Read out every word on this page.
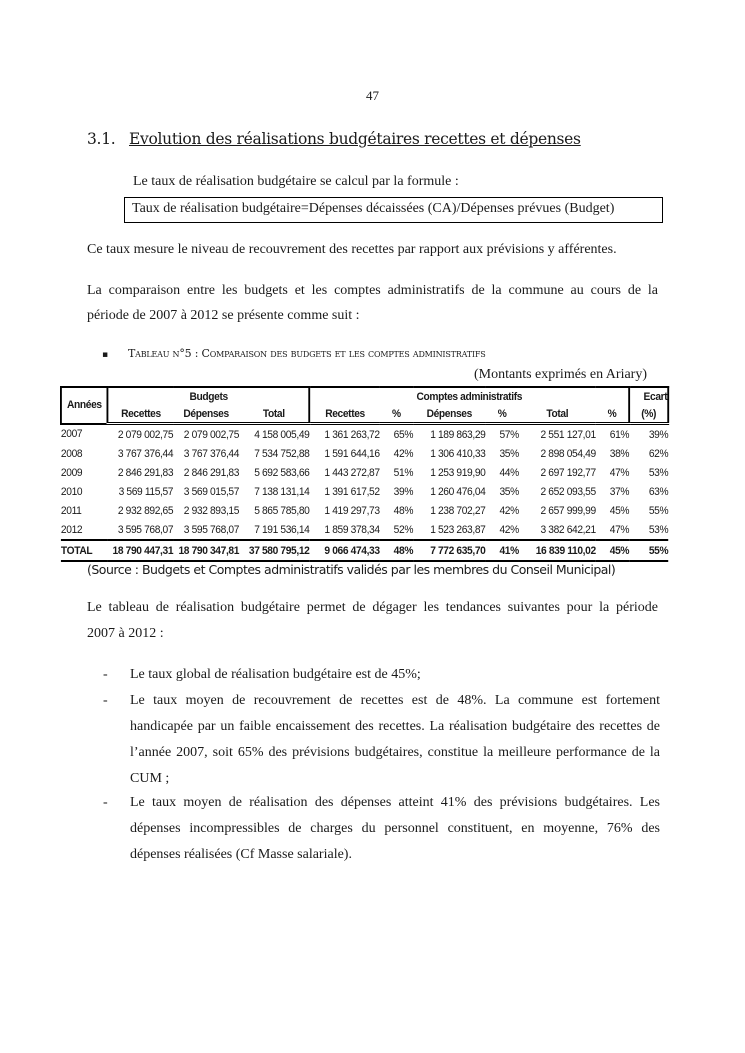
47
3.1. Evolution des réalisations budgétaires recettes et dépenses
Le taux de réalisation budgétaire se calcul par la formule :
Taux de réalisation budgétaire=Dépenses décaissées (CA)/Dépenses prévues (Budget)
Ce taux mesure le niveau de recouvrement des recettes par rapport aux prévisions y afférentes.
La comparaison entre les budgets et les comptes administratifs de la commune au cours de la
période de 2007 à 2012 se présente comme suit :
▪ Tableau n°5 : Comparaison des budgets et les comptes administratifs
(Montants exprimés en Ariary)
Années	Budgets			Comptes administratifs						Ecart
	Recettes	Dépenses	Total	Recettes	%	Dépenses	%	Total	%	(%)
2007	2 079 002,75	2 079 002,75	4 158 005,49	1 361 263,72	65%	1 189 863,29	57%	2 551 127,01	61%	39%
2008	3 767 376,44	3 767 376,44	7 534 752,88	1 591 644,16	42%	1 306 410,33	35%	2 898 054,49	38%	62%
2009	2 846 291,83	2 846 291,83	5 692 583,66	1 443 272,87	51%	1 253 919,90	44%	2 697 192,77	47%	53%
2010	3 569 115,57	3 569 015,57	7 138 131,14	1 391 617,52	39%	1 260 476,04	35%	2 652 093,55	37%	63%
2011	2 932 892,65	2 932 893,15	5 865 785,80	1 419 297,73	48%	1 238 702,27	42%	2 657 999,99	45%	55%
2012	3 595 768,07	3 595 768,07	7 191 536,14	1 859 378,34	52%	1 523 263,87	42%	3 382 642,21	47%	53%
TOTAL	18 790 447,31	18 790 347,81	37 580 795,12	9 066 474,33	48%	7 772 635,70	41%	16 839 110,02	45%	55%
(Source : Budgets et Comptes administratifs validés par les membres du Conseil Municipal)
Le tableau de réalisation budgétaire permet de dégager les tendances suivantes pour la période
2007 à 2012 :
- Le taux global de réalisation budgétaire est de 45%;
- Le taux moyen de recouvrement de recettes est de 48%. La commune est fortement handicapée par un faible encaissement des recettes. La réalisation budgétaire des recettes de l’année 2007, soit 65% des prévisions budgétaires, constitue la meilleure performance de la CUM ;
- Le taux moyen de réalisation des dépenses atteint 41% des prévisions budgétaires. Les dépenses incompressibles de charges du personnel constituent, en moyenne, 76% des dépenses réalisées (Cf Masse salariale).
